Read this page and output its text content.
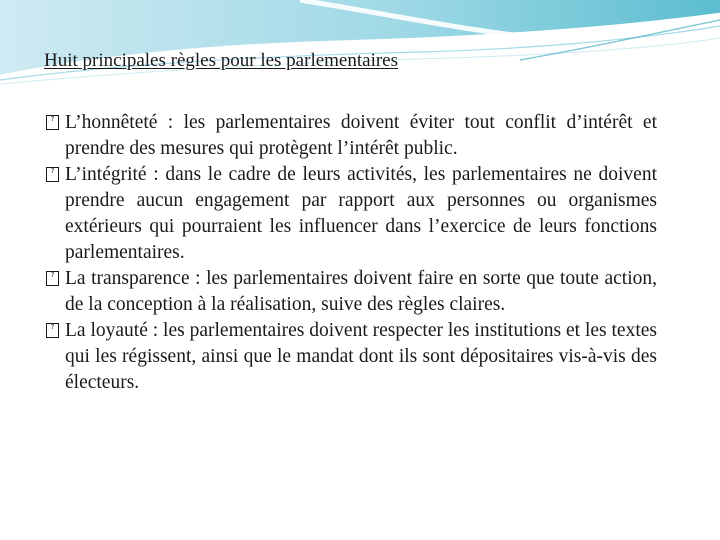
Huit principales règles pour les parlementaires
? L’honnêteté : les parlementaires doivent éviter tout conflit d’intérêt et prendre des mesures qui protègent l’intérêt public.
? L’intégrité : dans le cadre de leurs activités, les parlementaires ne doivent prendre aucun engagement par rapport aux personnes ou organismes extérieurs qui pourraient les influencer dans l’exercice de leurs fonctions parlementaires.
? La transparence : les parlementaires doivent faire en sorte que toute action, de la conception à la réalisation, suive des règles claires.
? La loyauté : les parlementaires doivent respecter les institutions et les textes qui les régissent, ainsi que le mandat dont ils sont dépositaires vis-à-vis des électeurs.
